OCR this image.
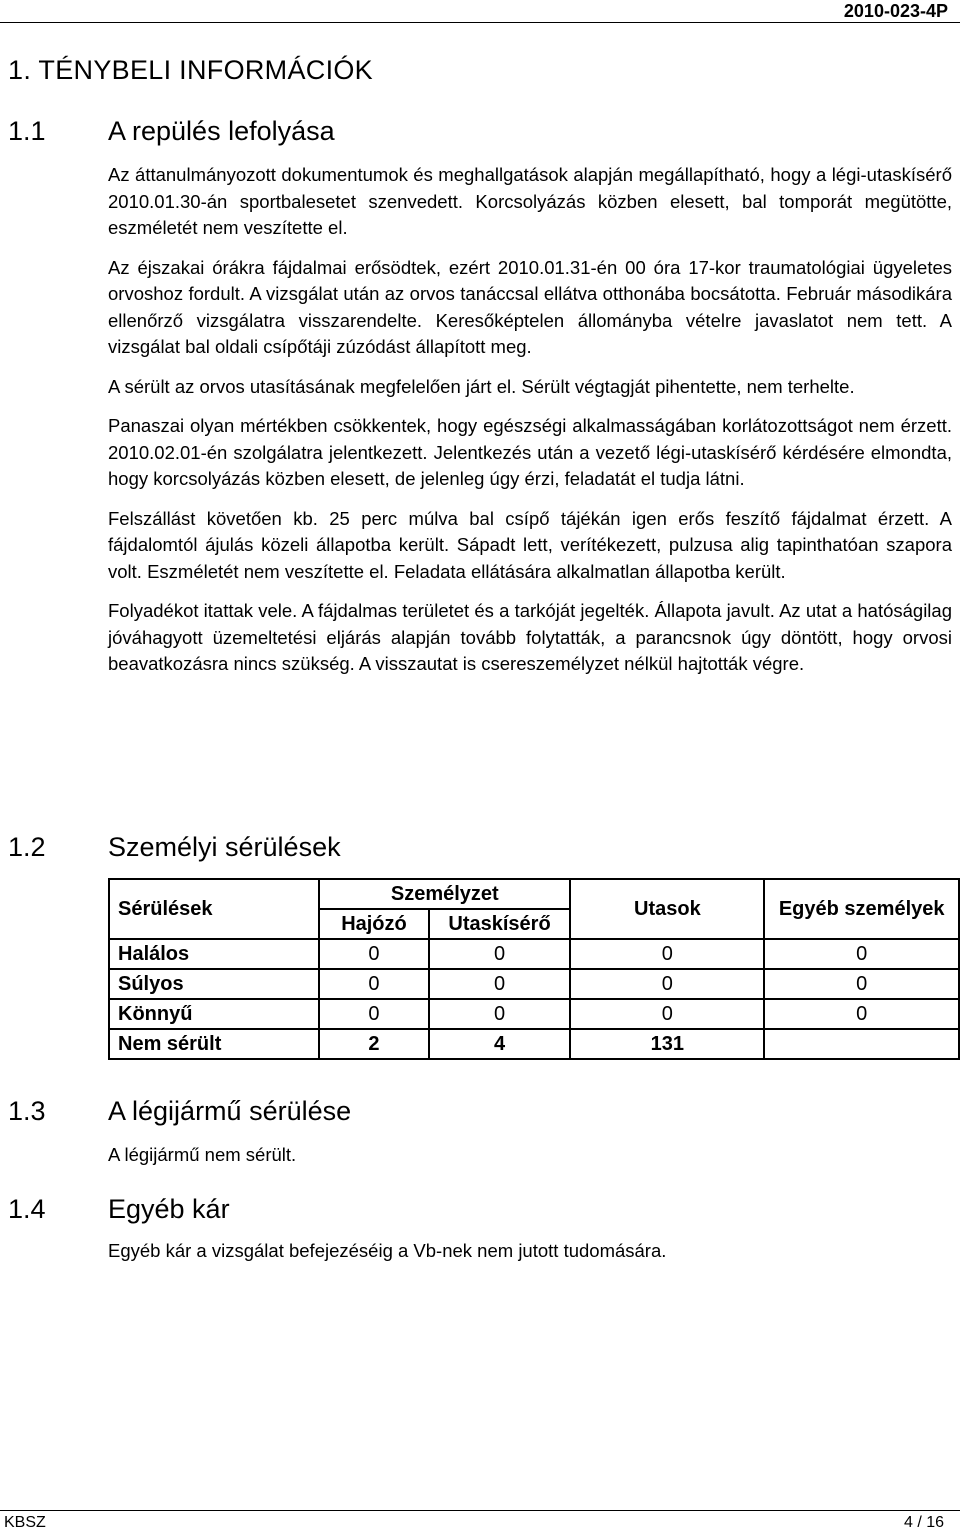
2010-023-4P
1. TÉNYBELI INFORMÁCIÓK
1.1 A repülés lefolyása

Az áttanulmányozott dokumentumok és meghallgatások alapján megállapítható, hogy a légi-utaskísérő 2010.01.30-án sportbalesetet szenvedett. Korcsolyázás közben elesett, bal tomporát megütötte, eszméletét nem veszítette el.

Az éjszakai órákra fájdalmai erősödtek, ezért 2010.01.31-én 00 óra 17-kor traumatológiai ügyeletes orvoshoz fordult. A vizsgálat után az orvos tanáccsal ellátva otthonába bocsátotta. Február másodikára ellenőrző vizsgálatra visszarendelte. Keresőképtelen állományba vételre javaslatot nem tett. A vizsgálat bal oldali csípőtáji zúzódást állapított meg.

A sérült az orvos utasításának megfelelően járt el. Sérült végtagját pihentette, nem terhelte.

Panaszai olyan mértékben csökkentek, hogy egészségi alkalmasságában korlátozottságot nem érzett. 2010.02.01-én szolgálatra jelentkezett. Jelentkezés után a vezető légi-utaskísérő kérdésére elmondta, hogy korcsolyázás közben elesett, de jelenleg úgy érzi, feladatát el tudja látni.

Felszállást követően kb. 25 perc múlva bal csípő tájékán igen erős feszítő fájdalmat érzett. A fájdalomtól ájulás közeli állapotba került. Sápadt lett, verítékezett, pulzusa alig tapinthatóan szapora volt. Eszméletét nem veszítette el. Feladata ellátására alkalmatlan állapotba került.

Folyadékot itattak vele. A fájdalmas területet és a tarkóját jegelték. Állapota javult. Az utat a hatóságilag jóváhagyott üzemeltetési eljárás alapján tovább folytatták, a parancsnok úgy döntött, hogy orvosi beavatkozásra nincs szükség. A visszautat is csereszemélyzet nélkül hajtották végre.

1.2 Személyi sérülések
Sérülések	Személyzet		Utasok	Egyéb személyek
	Hajózó	Utaskísérő		
Halálos	0	0	0	0
Súlyos	0	0	0	0
Könnyű	0	0	0	0
Nem sérült	2	4	131	
1.3 A légijármű sérülése
A légijármű nem sérült.
1.4 Egyéb kár
Egyéb kár a vizsgálat befejezéséig a Vb-nek nem jutott tudomására.
KBSZ	4 / 16
